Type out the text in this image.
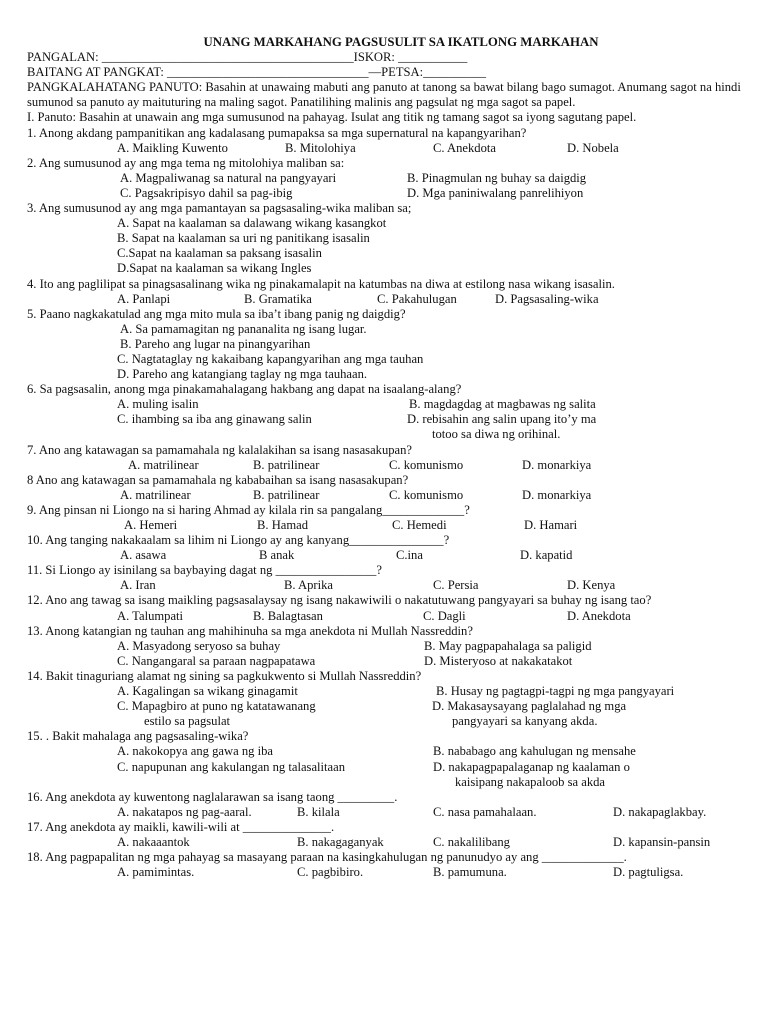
UNANG MARKAHANG PAGSUSULIT SA IKATLONG MARKAHAN
PANGALAN: ________________________________________ISKOR: ___________
BAITANG AT PANGKAT: ________________________________—PETSA:__________
PANGKALAHATANG PANUTO: Basahin at unawaing mabuti ang panuto at tanong sa bawat bilang bago sumagot. Anumang sagot na hindi sumunod sa panuto ay maituturing na maling sagot. Panatilihing malinis ang pagsulat ng mga sagot sa papel.
I. Panuto: Basahin at unawain ang mga sumusunod na pahayag. Isulat ang titik ng tamang sagot sa iyong sagutang papel.
1. Anong akdang pampanitikan ang kadalasang pumapaksa sa mga supernatural na kapangyarihan?
A. Maikling Kuwento	B. Mitolohiya	C. Anekdota	D. Nobela
2. Ang sumusunod ay ang mga tema ng mitolohiya maliban sa:
A. Magpaliwanag sa natural na pangyayari	B. Pinagmulan ng buhay sa daigdig
C. Pagsakripisyo dahil sa pag-ibig	D. Mga paniniwalang panrelihiyon
3. Ang sumusunod ay ang mga pamantayan sa pagsasaling-wika maliban sa;
A. Sapat na kaalaman sa dalawang wikang kasangkot
B. Sapat na kaalaman sa uri ng panitikang isasalin
C.Sapat na kaalaman sa paksang isasalin
D.Sapat na kaalaman sa wikang Ingles
4. Ito ang paglilipat sa pinagsasalinang wika ng pinakamalapit na katumbas na diwa at estilong nasa wikang isasalin.
A. Panlapi	B. Gramatika	C. Pakahulugan	D. Pagsasaling-wika
5. Paano nagkakatulad ang mga mito mula sa iba’t ibang panig ng daigdig?
A. Sa pamamagitan ng pananalita ng isang lugar.
B. Pareho ang lugar na pinangyarihan
C. Nagtataglay ng kakaibang kapangyarihan ang mga tauhan
D. Pareho ang katangiang taglay ng mga tauhaan.
6. Sa pagsasalin, anong mga pinakamahalagang hakbang ang dapat na isaalang-alang?
A. muling isalin	B. magdagdag at magbawas ng salita
C. ihambing sa iba ang ginawang salin	D. rebisahin ang salin upang ito’y ma
totoo sa diwa ng orihinal.
7. Ano ang katawagan sa pamamahala ng kalalakihan sa isang nasasakupan?
A. matrilinear	B. patrilinear	C. komunismo	D. monarkiya
8 Ano ang katawagan sa pamamahala ng kababaihan sa isang nasasakupan?
A. matrilinear	B. patrilinear	C. komunismo	D. monarkiya
9. Ang pinsan ni Liongo na si haring Ahmad ay kilala rin sa pangalang_____________?
A. Hemeri	B. Hamad	C. Hemedi	D. Hamari
10. Ang tanging nakakaalam sa lihim ni Liongo ay ang kanyang_______________?
A. asawa	B anak	C.ina	D. kapatid
11. Si Liongo ay isinilang sa baybaying dagat ng ________________?
A. Iran	B. Aprika	C. Persia	D. Kenya
12. Ano ang tawag sa isang maikling pagsasalaysay ng isang nakawiwili o nakatutuwang pangyayari sa buhay ng isang tao?
A. Talumpati	B. Balagtasan	C. Dagli	D. Anekdota
13. Anong katangian ng tauhan ang mahihinuha sa mga anekdota ni Mullah Nassreddin?
A. Masyadong seryoso sa buhay	B. May pagpapahalaga sa paligid
C. Nangangaral sa paraan nagpapatawa	D. Misteryoso at nakakatakot
14. Bakit tinaguriang alamat ng sining sa pagkukwento si Mullah Nassreddin?
A. Kagalingan sa wikang ginagamit	B. Husay ng pagtagpi-tagpi ng mga pangyayari
C. Mapagbiro at puno ng katatawanang	D. Makasaysayang paglalahad ng mga
estilo sa pagsulat	pangyayari sa kanyang akda.
15. . Bakit mahalaga ang pagsasaling-wika?
A. nakokopya ang gawa ng iba	B. nababago ang kahulugan ng mensahe
C. napupunan ang kakulangan ng talasalitaan	D. nakapagpapalaganap ng kaalaman o
kaisipang nakapaloob sa akda
16. Ang anekdota ay kuwentong naglalarawan sa isang taong _________.
A. nakatapos ng pag-aaral.	B. kilala	C. nasa pamahalaan.	D. nakapaglakbay.
17. Ang anekdota ay maikli, kawili-wili at ______________.
A. nakaaantok	B. nakagaganyak	C. nakalilibang	D. kapansin-pansin
18. Ang pagpapalitan ng mga pahayag sa masayang paraan na kasingkahulugan ng panunudyo ay ang _____________.
A. pamimintas.	C. pagbibiro.	B. pamumuna.	D. pagtuligsa.
